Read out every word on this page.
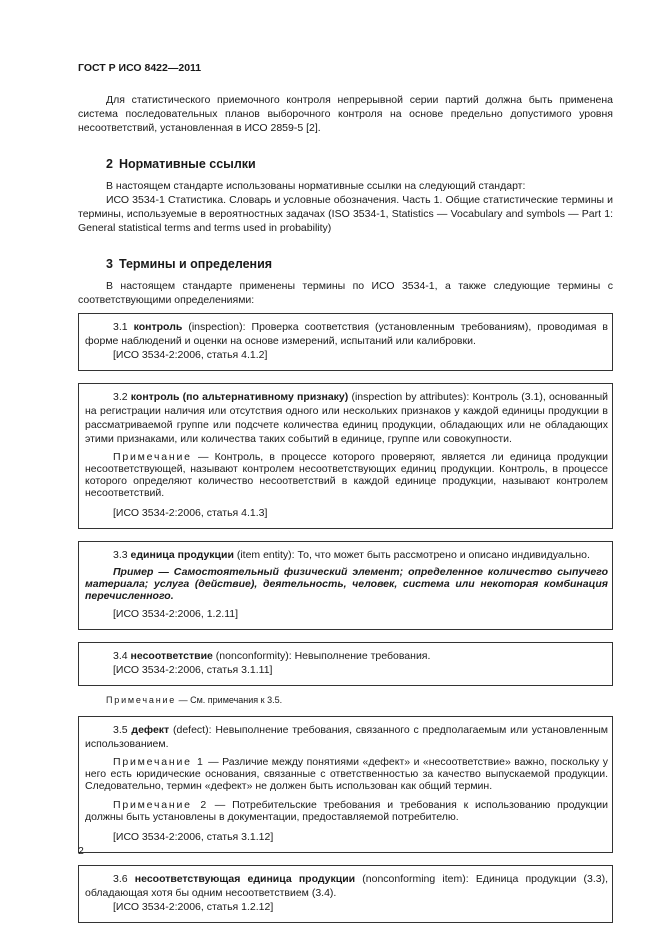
ГОСТ Р ИСО 8422—2011

Для статистического приемочного контроля непрерывной серии партий должна быть применена система последовательных планов выборочного контроля на основе предельно допустимого уровня несоответствий, установленная в ИСО 2859-5 [2].

2 Нормативные ссылки

В настоящем стандарте использованы нормативные ссылки на следующий стандарт:

ИСО 3534-1 Статистика. Словарь и условные обозначения. Часть 1. Общие статистические термины и термины, используемые в вероятностных задачах (ISO 3534-1, Statistics — Vocabulary and symbols — Part 1: General statistical terms and terms used in probability)

3 Термины и определения

В настоящем стандарте применены термины по ИСО 3534-1, а также следующие термины с соответствующими определениями:

3.1 контроль (inspection): Проверка соответствия (установленным требованиям), проводимая в форме наблюдений и оценки на основе измерений, испытаний или калибровки.

[ИСО 3534-2:2006, статья 4.1.2]

3.2 контроль (по альтернативному признаку) (inspection by attributes): Контроль (3.1), основанный на регистрации наличия или отсутствия одного или нескольких признаков у каждой единицы продукции в рассматриваемой группе или подсчете количества единиц продукции, обладающих или не обладающих этими признаками, или количества таких событий в единице, группе или совокупности.

Примечание — Контроль, в процессе которого проверяют, является ли единица продукции несоответствующей, называют контролем несоответствующих единиц продукции. Контроль, в процессе которого определяют количество несоответствий в каждой единице продукции, называют контролем несоответствий.

[ИСО 3534-2:2006, статья 4.1.3]

3.3 единица продукции (item entity): То, что может быть рассмотрено и описано индивидуально.

Пример — Самостоятельный физический элемент; определенное количество сыпучего материала; услуга (действие), деятельность, человек, система или некоторая комбинация перечисленного.

[ИСО 3534-2:2006, 1.2.11]

3.4 несоответствие (nonconformity): Невыполнение требования.

[ИСО 3534-2:2006, статья 3.1.11]

Примечание — См. примечания к 3.5.

3.5 дефект (defect): Невыполнение требования, связанного с предполагаемым или установленным использованием.

Примечание 1 — Различие между понятиями «дефект» и «несоответствие» важно, поскольку у него есть юридические основания, связанные с ответственностью за качество выпускаемой продукции. Следовательно, термин «дефект» не должен быть использован как общий термин.

Примечание 2 — Потребительские требования и требования к использованию продукции должны быть установлены в документации, предоставляемой потребителю.

[ИСО 3534-2:2006, статья 3.1.12]

3.6 несоответствующая единица продукции (nonconforming item): Единица продукции (3.3), обладающая хотя бы одним несоответствием (3.4).

[ИСО 3534-2:2006, статья 1.2.12]

2
